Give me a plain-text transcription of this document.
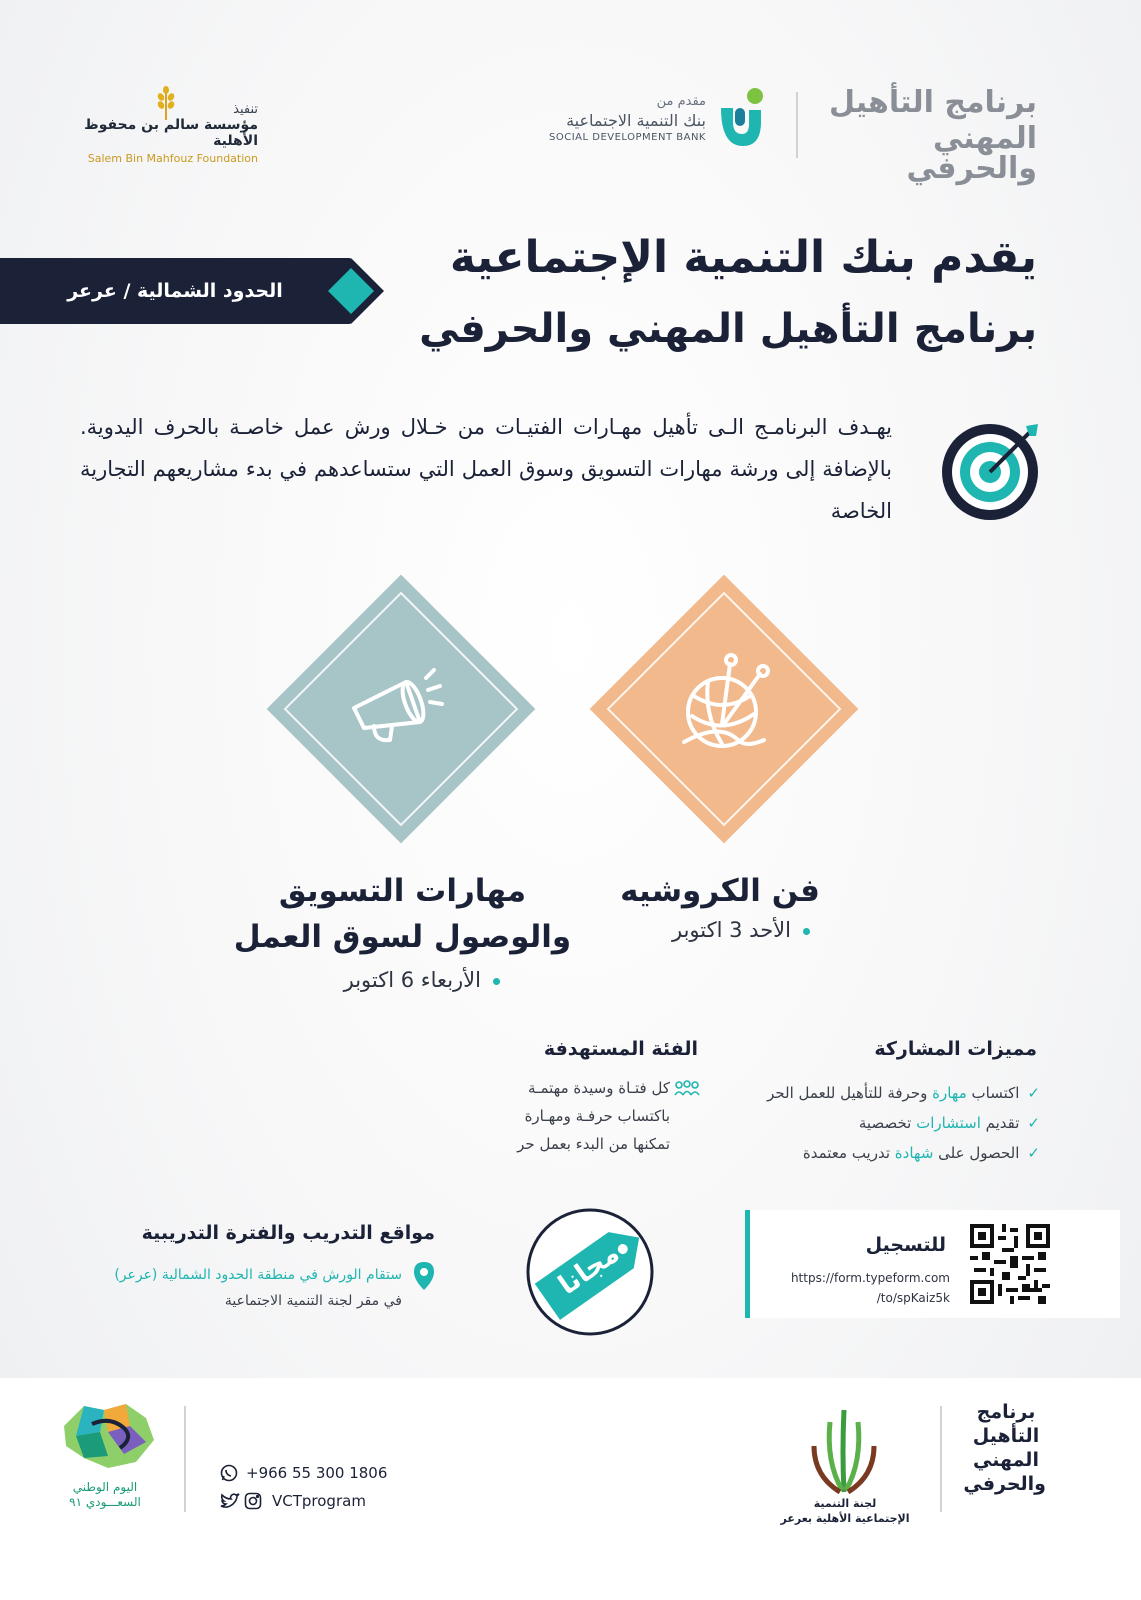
برنامج التأهيل
المهني والحرفي
مقدم من
بنك التنمية الاجتماعية
SOCIAL DEVELOPMENT BANK
تنفيذ
مؤسسة سالم بن محفوظ الأهلية
Salem Bin Mahfouz Foundation
الحدود الشمالية / عرعر
يقدم بنك التنمية الإجتماعية
برنامج التأهيل المهني والحرفي
يهـدف البرنامـج الـى تأهيل مهـارات الفتيـات من خـلال ورش عمل خاصـة بالحرف اليدوية. بالإضافة إلى ورشة مهارات التسويق وسوق العمل التي ستساعدهم في بدء مشاريعهم التجارية الخاصة
فن الكروشيه
الأحد 3 اكتوبر
مهارات التسويق
والوصول لسوق العمل
الأربعاء 6 اكتوبر
مميزات المشاركة
✓اكتساب مهارة وحرفة للتأهيل للعمل الحر
✓تقديم استشارات تخصصية
✓الحصول على شهادة تدريب معتمدة
الفئة المستهدفة
كل فتـاة وسيدة مهتمـة
باكتساب حرفـة ومهـارة
تمكنها من البدء بعمل حر
مواقع التدريب والفترة التدريبية
ستقام الورش في منطقة الحدود الشمالية (عرعر)
في مقر لجنة التنمية الاجتماعية	مجانا	للتسجيل
https://form.typeform.com
/to/spKaiz5k
اليوم الوطني
السعـــودي ٩١
+966 55 300 1806
VCTprogram	لجنة التنمية
الإجتماعية الأهلية بعرعر
برنامج التأهيل المهني والحرفي
